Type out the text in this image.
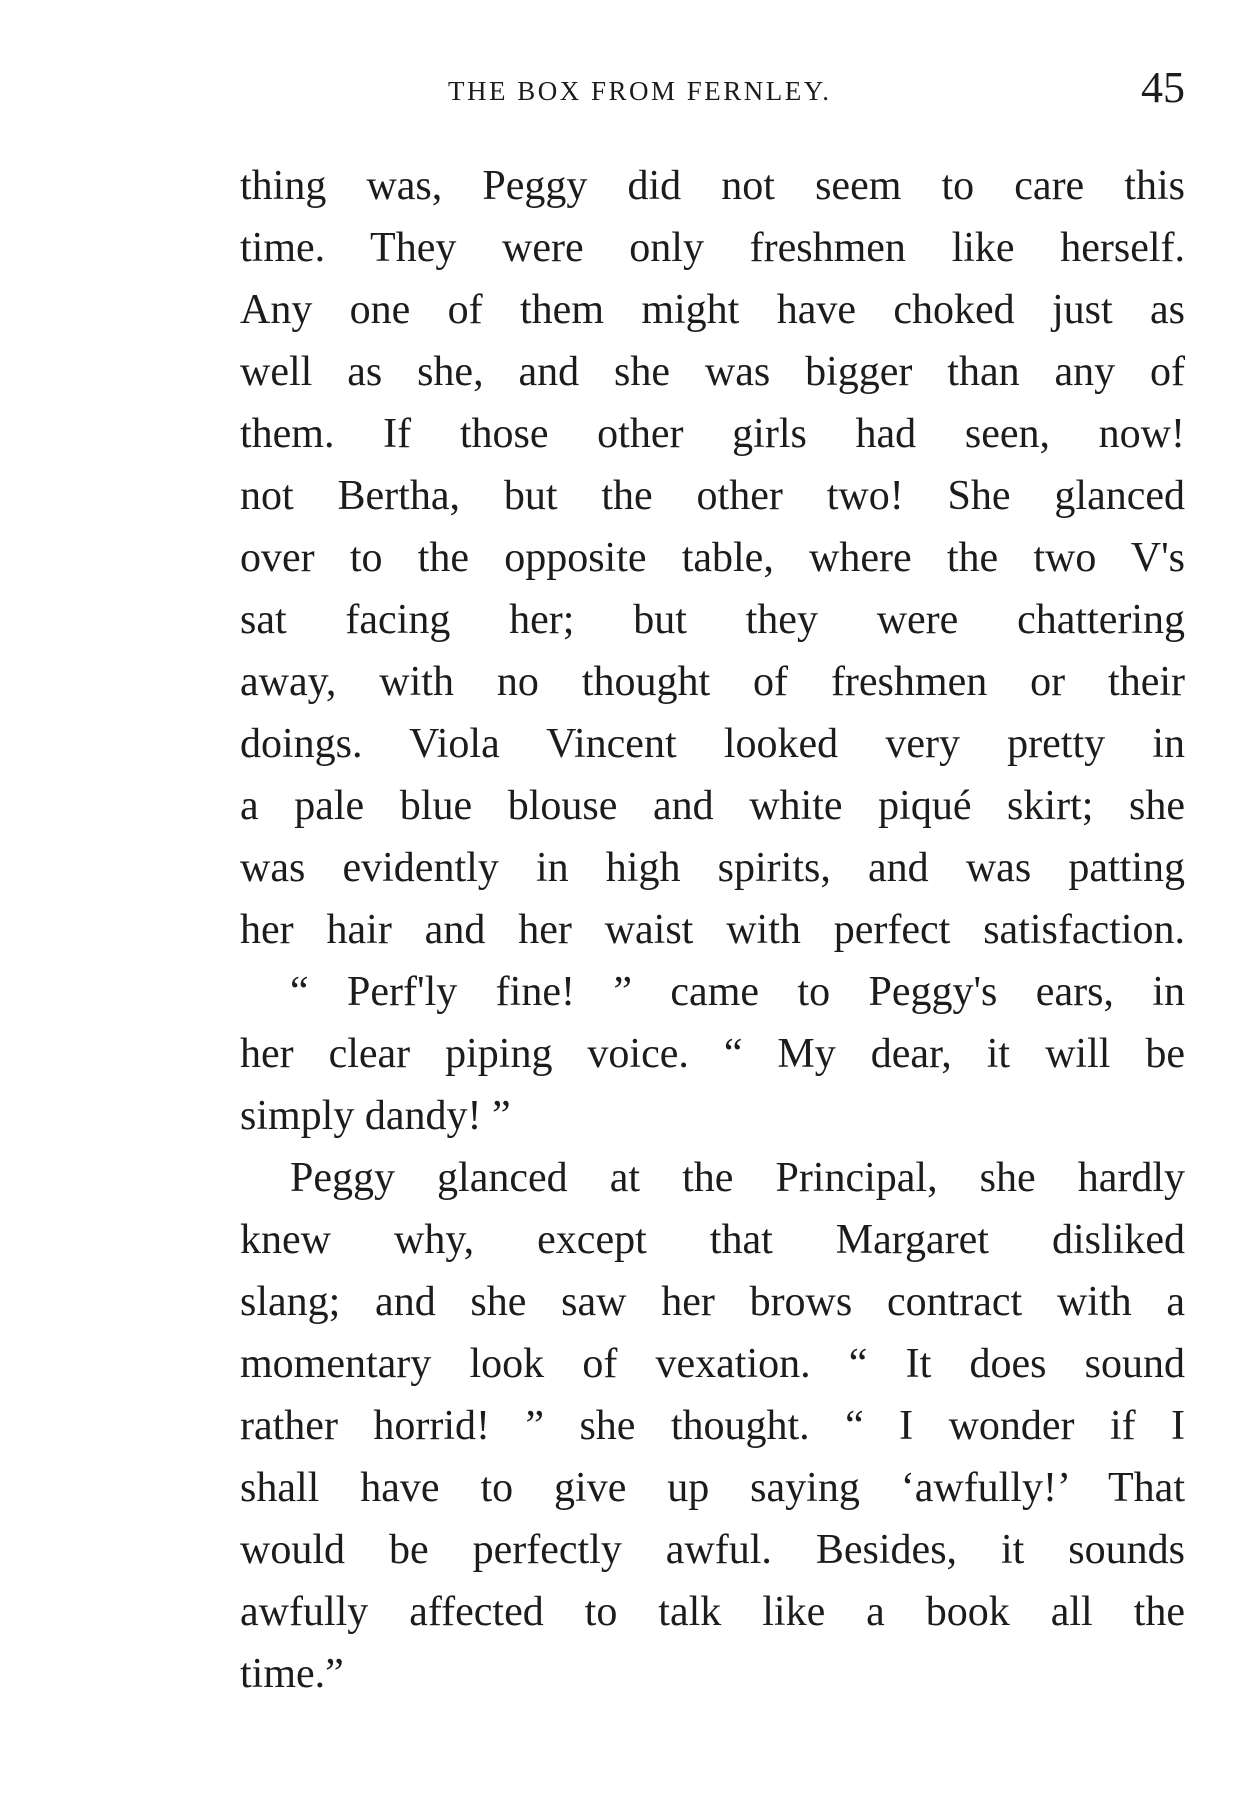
THE BOX FROM FERNLEY.	45
thing was, Peggy did not seem to care this
time. They were only freshmen like herself.
Any one of them might have choked just as
well as she, and she was bigger than any of
them. If those other girls had seen, now!
not Bertha, but the other two! She glanced
over to the opposite table, where the two V's
sat facing her; but they were chattering
away, with no thought of freshmen or their
doings. Viola Vincent looked very pretty in
a pale blue blouse and white piqué skirt; she
was evidently in high spirits, and was patting
her hair and her waist with perfect satisfaction.
“ Perf'ly fine! ” came to Peggy's ears, in
her clear piping voice. “ My dear, it will be
simply dandy! ”
Peggy glanced at the Principal, she hardly
knew why, except that Margaret disliked
slang; and she saw her brows contract with a
momentary look of vexation. “ It does sound
rather horrid! ” she thought. “ I wonder if I
shall have to give up saying ‘awfully!’ That
would be perfectly awful. Besides, it sounds
awfully affected to talk like a book all the
time.”
